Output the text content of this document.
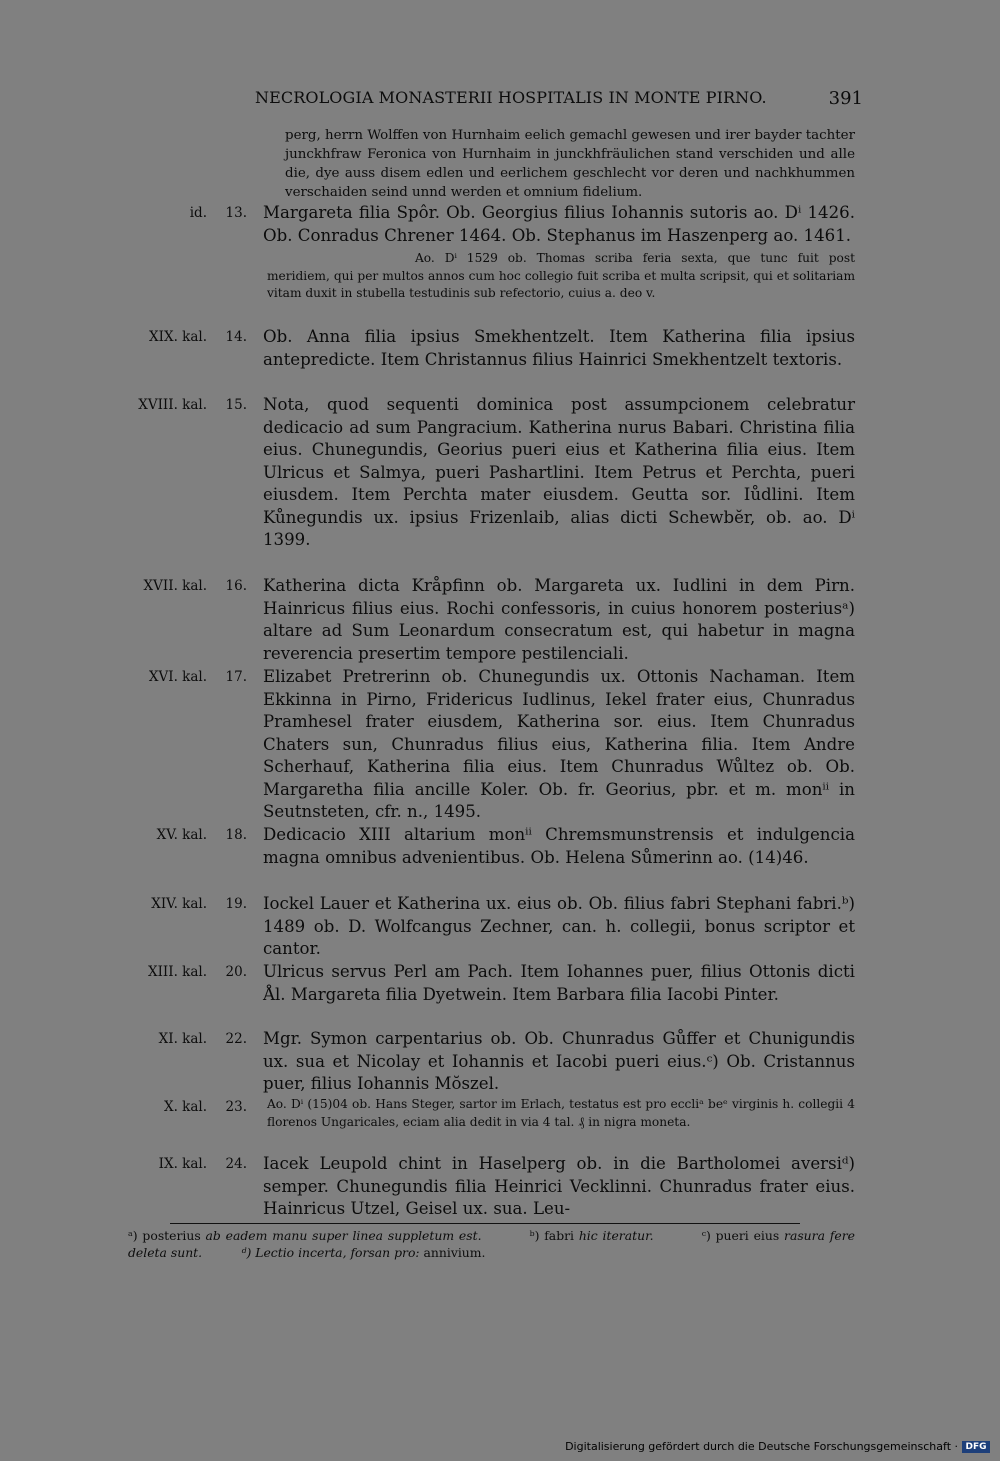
NECROLOGIA MONASTERII HOSPITALIS IN MONTE PIRNO.	391
perg, herrn Wolffen von Hurnhaim eelich gemachl gewesen und irer bayder tachter junckhfraw Feronica von Hurnhaim in junckhfräulichen stand verschiden und alle die, dye auss disem edlen und eerlichem geschlecht vor deren und nachkhummen verschaiden seind unnd werden et omnium fidelium.
id.	13. Margareta filia Spôr. Ob. Georgius filius Iohannis sutoris ao. Dⁱ 1426. Ob. Conradus Chrener 1464. Ob. Stephanus im Haszenperg ao. 1461.
Ao. Dⁱ 1529 ob. Thomas scriba feria sexta, que tunc fuit post meridiem, qui per multos annos cum hoc collegio fuit scriba et multa scripsit, qui et solitariam vitam duxit in stubella testudinis sub refectorio, cuius a. deo v.
XIX. kal.	14. Ob. Anna filia ipsius Smekhentzelt. Item Katherina filia ipsius antepredicte. Item Christannus filius Hainrici Smekhentzelt textoris.
XVIII. kal.	15. Nota, quod sequenti dominica post assumpcionem celebratur dedicacio ad sum Pangracium. Katherina nurus Babari. Christina filia eius. Chunegundis, Georius pueri eius et Katherina filia eius. Item Ulricus et Salmya, pueri Pashartlini. Item Petrus et Perchta, pueri eiusdem. Item Perchta mater eiusdem. Geutta sor. Iůdlini. Item Kůnegundis ux. ipsius Frizenlaib, alias dicti Schewbĕr, ob. ao. Dⁱ 1399.
XVII. kal.	16. Katherina dicta Kråpfinn ob. Margareta ux. Iudlini in dem Pirn. Hainricus filius eius. Rochi confessoris, in cuius honorem posteriusᵃ) altare ad Sum Leonardum consecratum est, qui habetur in magna reverencia presertim tempore pestilenciali.
XVI. kal.	17. Elizabet Pretrerinn ob. Chunegundis ux. Ottonis Nachaman. Item Ekkinna in Pirno, Fridericus Iudlinus, Iekel frater eius, Chunradus Pramhesel frater eiusdem, Katherina sor. eius. Item Chunradus Chaters sun, Chunradus filius eius, Katherina filia. Item Andre Scherhauf, Katherina filia eius. Item Chunradus Wůltez ob. Ob. Margaretha filia ancille Koler. Ob. fr. Georius, pbr. et m. monⁱⁱ in Seutnsteten, cfr. n., 1495.
XV. kal.	18. Dedicacio XIII altarium monⁱⁱ Chremsmunstrensis et indulgencia magna omnibus advenientibus. Ob. Helena Sůmerinn ao. (14)46.
XIV. kal.	19. Iockel Lauer et Katherina ux. eius ob. Ob. filius fabri Stephani fabri.ᵇ) 1489 ob. D. Wolfcangus Zechner, can. h. collegii, bonus scriptor et cantor.
XIII. kal.	20. Ulricus servus Perl am Pach. Item Iohannes puer, filius Ottonis dicti Ål. Margareta filia Dyetwein. Item Barbara filia Iacobi Pinter.
XI. kal.	22. Mgr. Symon carpentarius ob. Ob. Chunradus Gůffer et Chunigundis ux. sua et Nicolay et Iohannis et Iacobi pueri eius.ᶜ) Ob. Cristannus puer, filius Iohannis Mŏszel.
X. kal.	23. Ao. Dⁱ (15)04 ob. Hans Steger, sartor im Erlach, testatus est pro eccliᵃ beᵉ virginis h. collegii 4 florenos Ungaricales, eciam alia dedit in via 4 tal. ₰ in nigra moneta.
IX. kal.	24. Iacek Leupold chint in Haselperg ob. in die Bartholomei aversiᵈ) semper. Chunegundis filia Heinrici Vecklinni. Chunradus frater eius. Hainricus Utzel, Geisel ux. sua. Leu-
ᵃ) posterius ab eadem manu super linea suppletum est.	ᵇ) fabri hic iteratur.	ᶜ) pueri eius rasura fere deleta sunt.	ᵈ) Lectio incerta, forsan pro: annivium.
Digitalisierung gefördert durch die Deutsche Forschungsgemeinschaft · DFG
